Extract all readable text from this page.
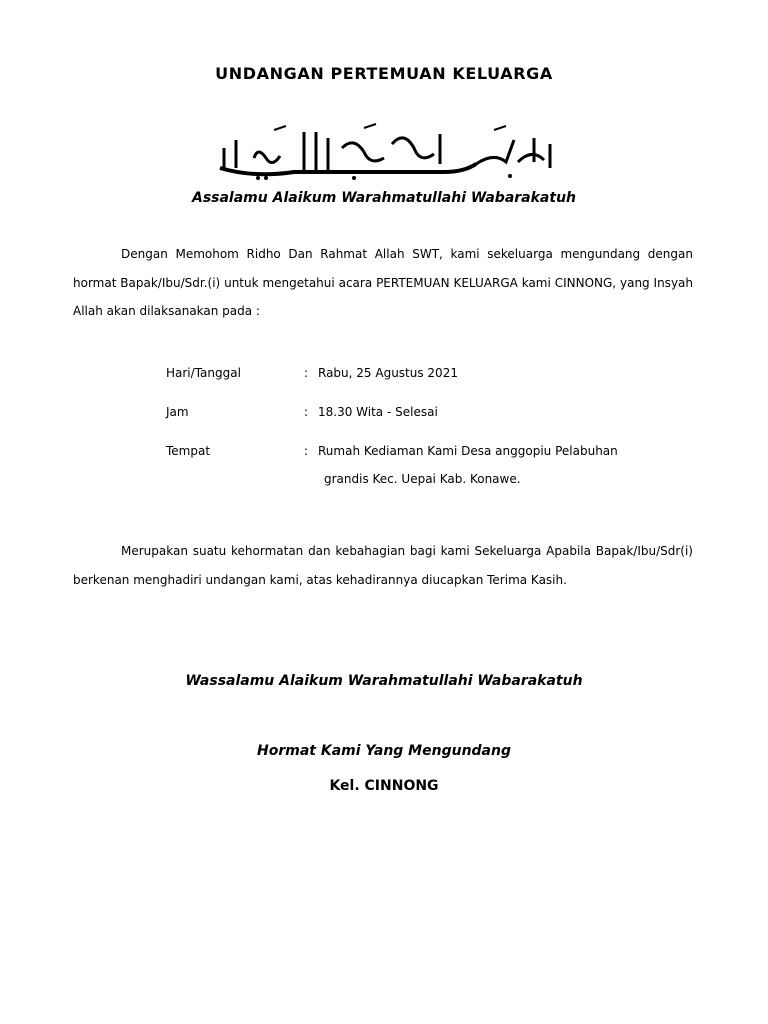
UNDANGAN PERTEMUAN KELUARGA
بسم الله الرحمن الرحيم
Assalamu Alaikum Warahmatullahi Wabarakatuh
Dengan Memohom Ridho Dan Rahmat Allah SWT, kami sekeluarga mengundang dengan hormat Bapak/Ibu/Sdr.(i) untuk mengetahui acara PERTEMUAN KELUARGA kami CINNONG, yang Insyah Allah akan dilaksanakan pada :
Hari/Tanggal	: Rabu, 25 Agustus 2021
Jam	: 18.30 Wita - Selesai
Tempat	: Rumah Kediaman Kami Desa anggopiu Pelabuhan
grandis Kec. Uepai Kab. Konawe.
Merupakan suatu kehormatan dan kebahagian bagi kami Sekeluarga Apabila Bapak/Ibu/Sdr(i) berkenan menghadiri undangan kami, atas kehadirannya diucapkan Terima Kasih.
Wassalamu Alaikum Warahmatullahi Wabarakatuh
Hormat Kami Yang Mengundang
Kel. CINNONG
